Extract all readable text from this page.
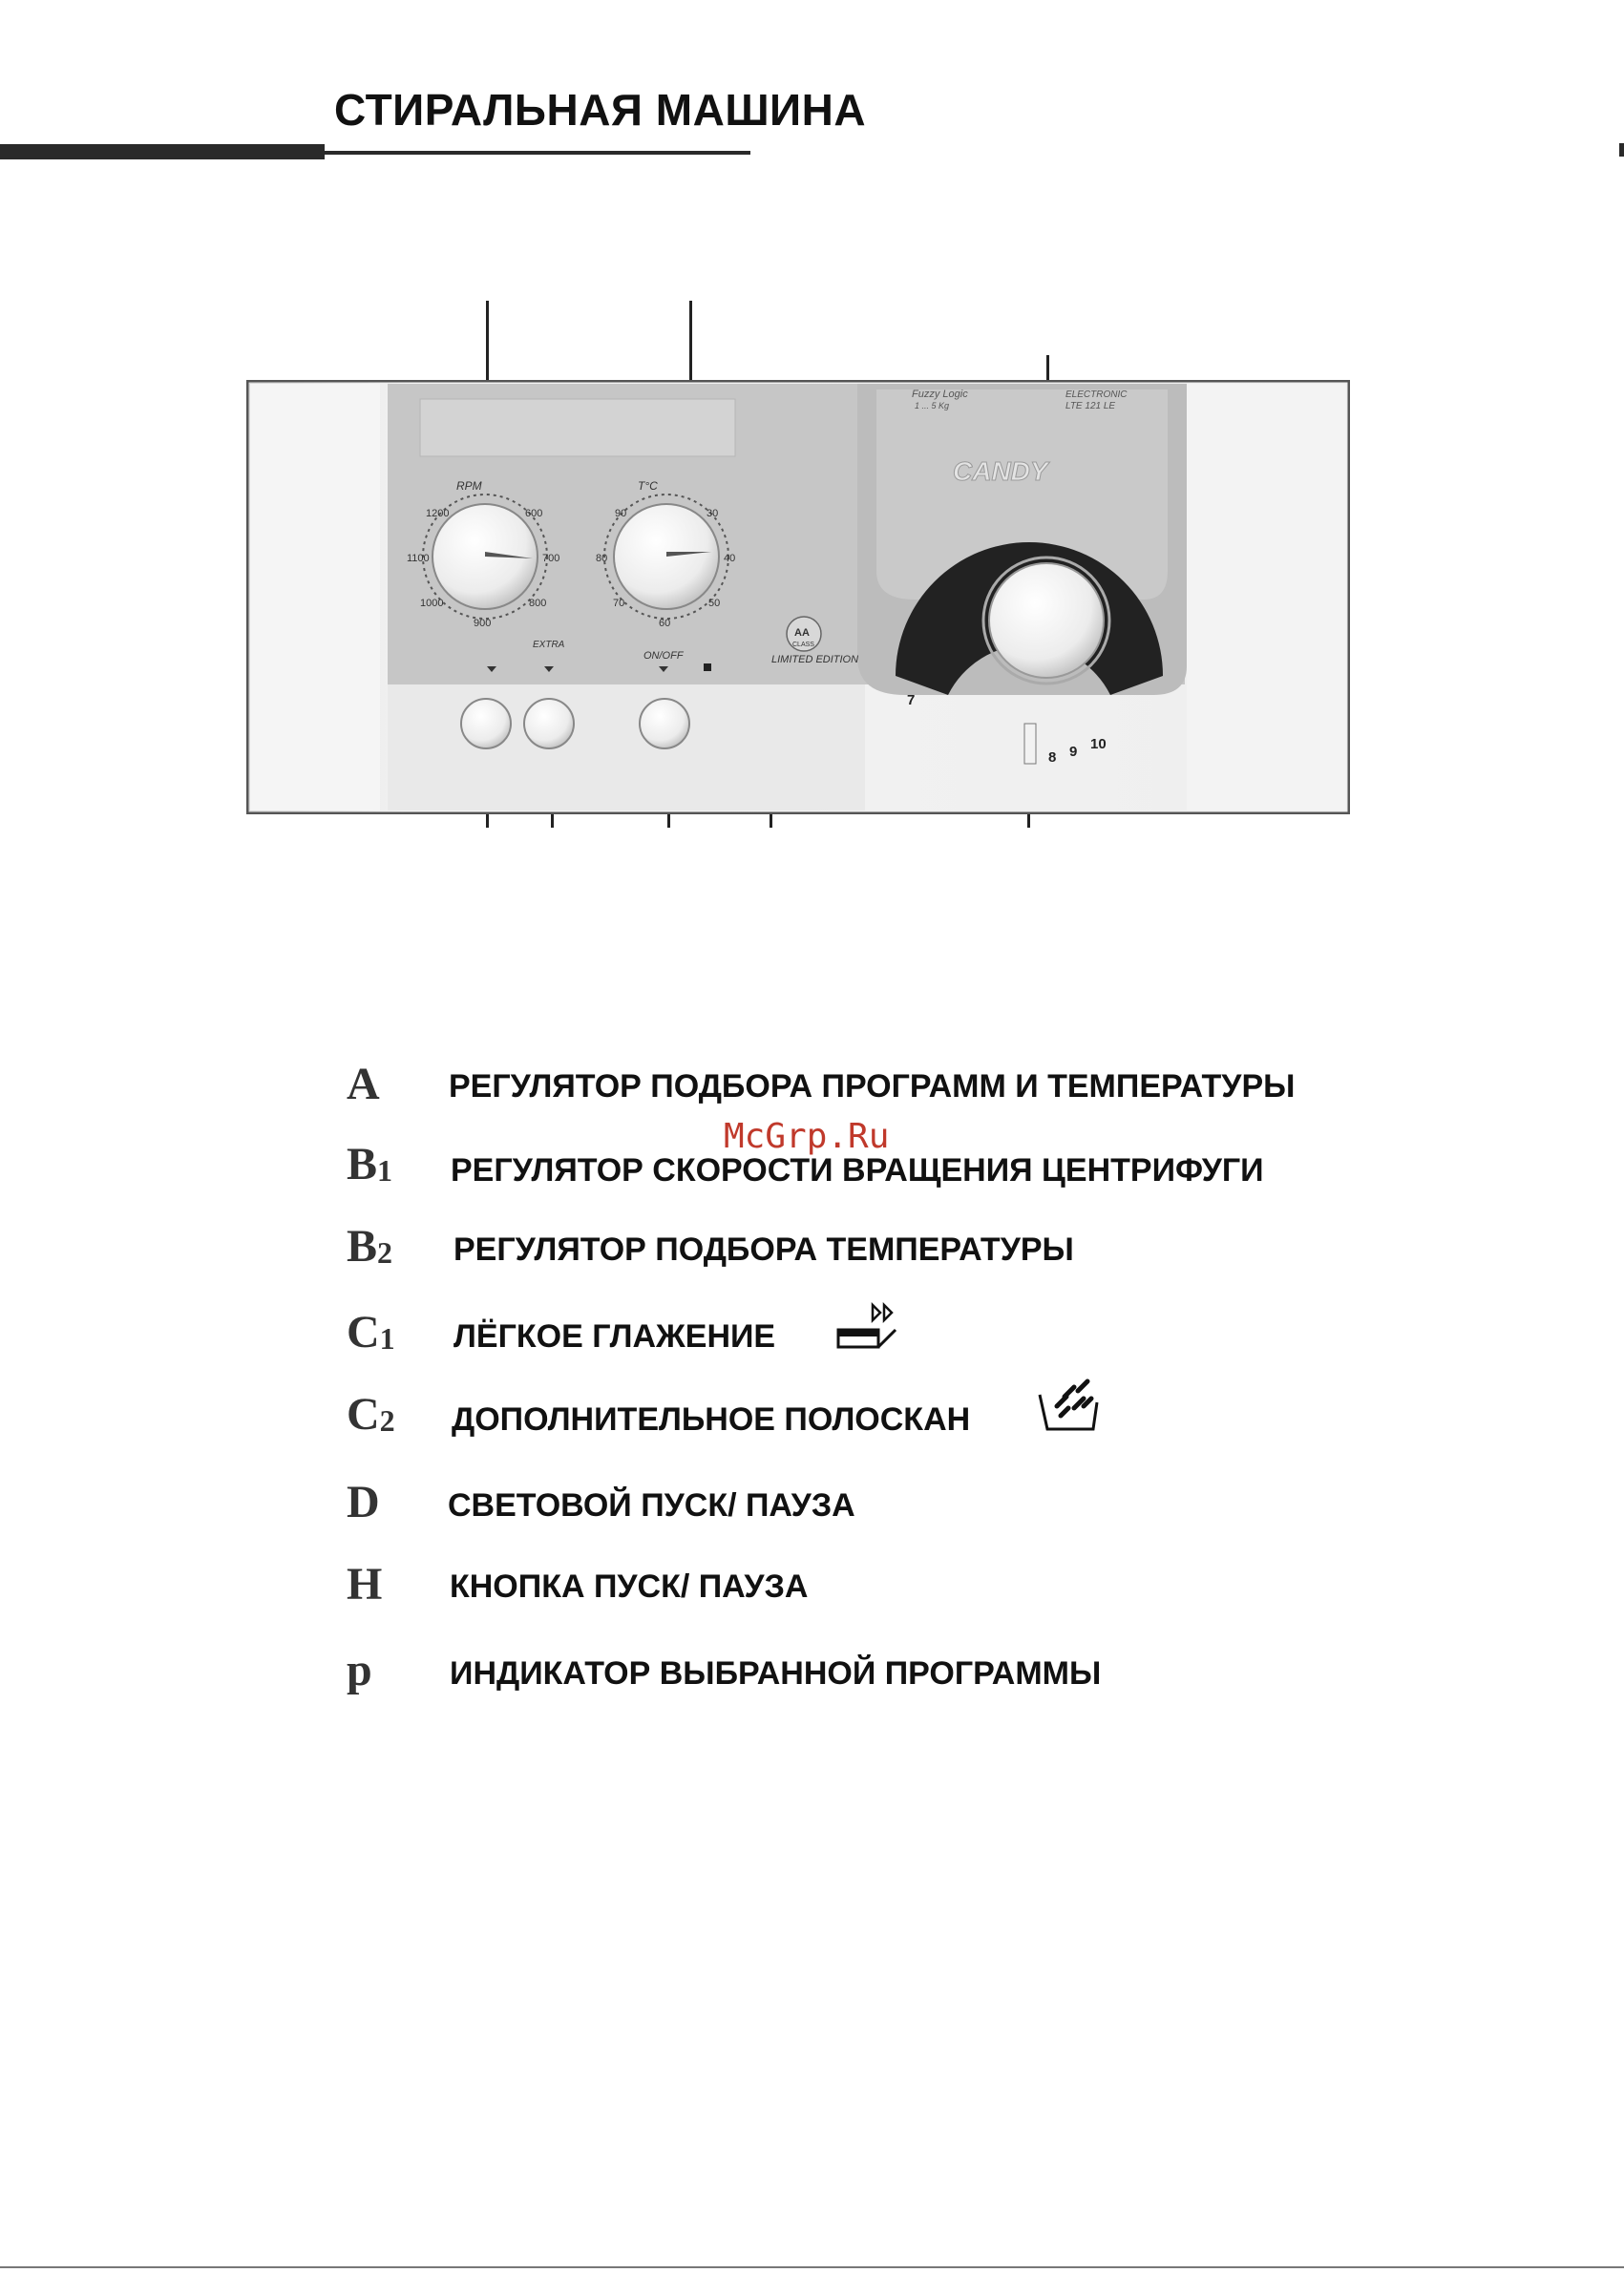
СТИРАЛЬНАЯ МАШИНА
Fuzzy Logic
1 ... 5 Kg
ELECTRONIC
LTE 121 LE
CANDY
RPM
1200	600
1100	700
1000	800
900
T°C
90	30
80	40
70	50
60
EXTRA
ON/OFF
AA
CLASS
LIMITED EDITION
7
8 9 10
A РЕГУЛЯТОР ПОДБОРА ПРОГРАММ И ТЕМПЕРАТУРЫ
$B_1$ РЕГУЛЯТОР СКОРОСТИ ВРАЩЕНИЯ ЦЕНТРИФУГИ
$B_2$ РЕГУЛЯТОР ПОДБОРА ТЕМПЕРАТУРЫ
$C_1$ ЛЁГКОЕ ГЛАЖЕНИЕ
$C_2$ ДОПОЛНИТЕЛЬНОЕ ПОЛОСКАН
D СВЕТОВОЙ ПУСК/ ПАУЗА
H КНОПКА ПУСК/ ПАУЗА
p ИНДИКАТОР ВЫБРАННОЙ ПРОГРАММЫ
McGrp.Ru
